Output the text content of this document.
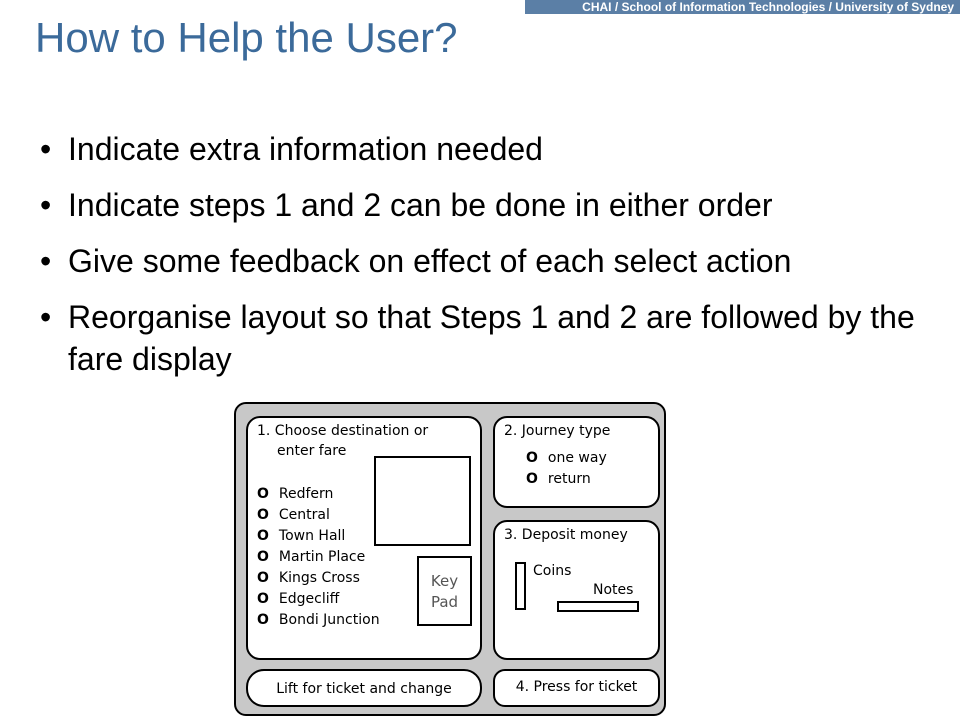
CHAI / School of Information Technologies / University of Sydney
How to Help the User?
• Indicate extra information needed
• Indicate steps 1 and 2 can be done in either order
• Give some feedback on effect of each select action
• Reorganise layout so that Steps 1 and 2 are followed by the fare display
1. Choose destination or
enter fare
O Redfern
O Central
O Town Hall
O Martin Place
O Kings Cross
O Edgecliff
O Bondi Junction
Key
Pad
2. Journey type
O one way
O return
3. Deposit money
Coins
Notes
Lift for ticket and change	4. Press for ticket
